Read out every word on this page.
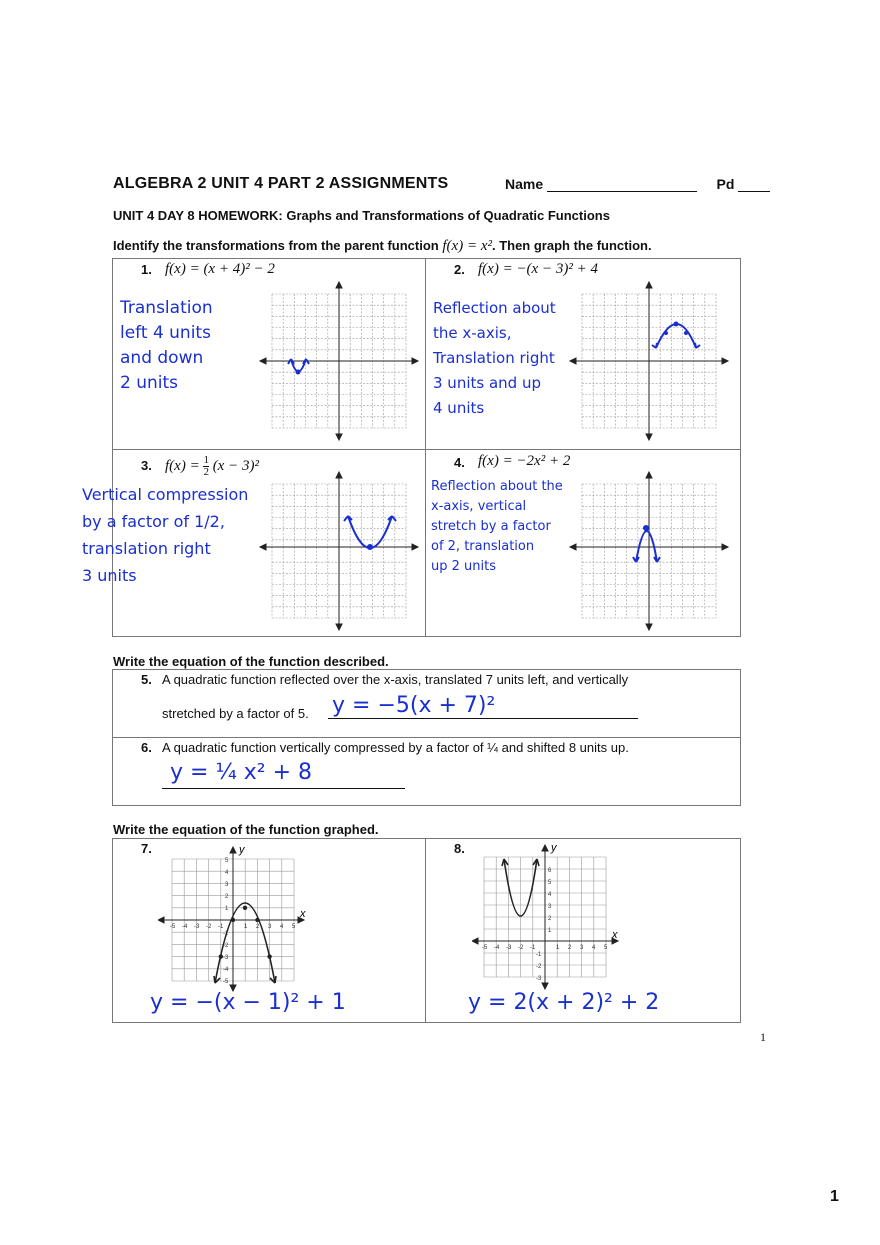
ALGEBRA 2 UNIT 4 PART 2 ASSIGNMENTS	Name	Pd
UNIT 4 DAY 8 HOMEWORK: Graphs and Transformations of Quadratic Functions
Identify the transformations from the parent function f(x) = x². Then graph the function.
1. f(x) = (x + 4)² − 2
Translation
left 4 units
and down
2 units
2. f(x) = −(x − 3)² + 4
Reflection about
the x-axis,
Translation right
3 units and up
4 units
3. $f(x) = \frac{1}{2} (x - 3)^2$
Vertical compression
by a factor of 1/2,
translation right
3 units
4. f(x) = −2x² + 2
Reflection about the
x-axis, vertical
stretch by a factor
of 2, translation
up 2 units
Write the equation of the function described.
5. A quadratic function reflected over the x-axis, translated 7 units left, and vertically
stretched by a factor of 5. y = −5(x + 7)²
6. A quadratic function vertically compressed by a factor of ¼ and shifted 8 units up.
y = ¼ x² + 8
Write the equation of the function graphed.
7.	8.
y
x
-5 -4 -3 -2 -1	1 2 3 4 5
5
4
3
2
1
-1
-2
-3
-4
-5
y
x
-5 -4 -3 -2 -1	1 2 3 4 5
6
5
4
3
2
1
-1
-2
-3
y = −(x − 1)² + 1	y = 2(x + 2)² + 2
1
1
